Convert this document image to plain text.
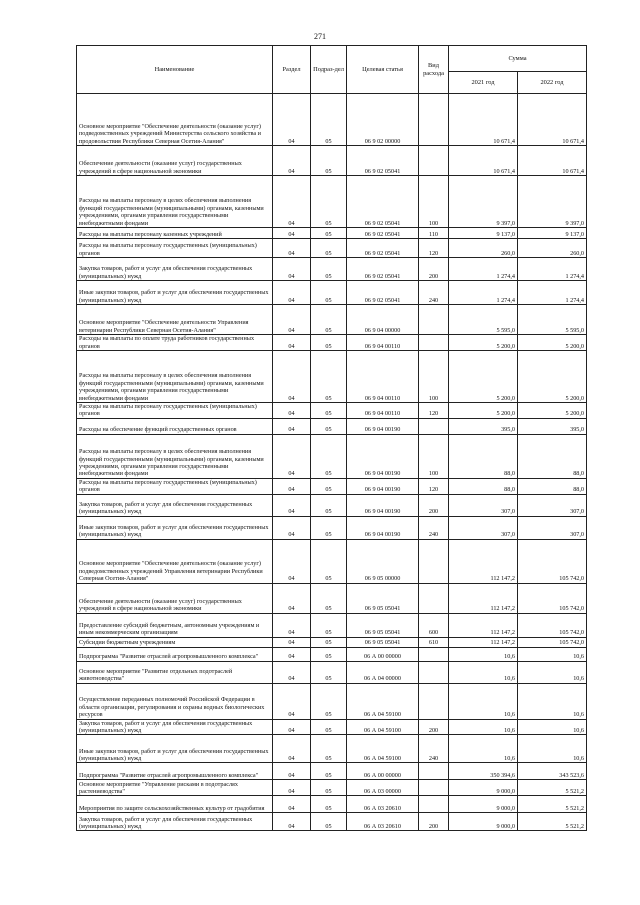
271
Наименование	Раздел	Подраз-дел	Целевая статья	Вид расхода	Сумма	
					2021 год	2022 год
Основное мероприятие "Обеспечение деятельности (оказание услуг) подведомственных учреждений Министерства сельского хозяйства и продовольствия Республики Северная Осетия-Алания"	04	05	06 9 02 00000		10 671,4	10 671,4
Обеспечение деятельности (оказание услуг) государственных учреждений в сфере национальной экономики	04	05	06 9 02 05041		10 671,4	10 671,4
Расходы на выплаты персоналу в целях обеспечения выполнения функций государственными (муниципальными) органами, казенными учреждениями, органами управления государственными внебюджетными фондами	04	05	06 9 02 05041	100	9 397,0	9 397,0
Расходы на выплаты персоналу казенных учреждений	04	05	06 9 02 05041	110	9 137,0	9 137,0
Расходы на выплаты персоналу государственных (муниципальных) органов	04	05	06 9 02 05041	120	260,0	260,0
Закупка товаров, работ и услуг для обеспечения государственных (муниципальных) нужд	04	05	06 9 02 05041	200	1 274,4	1 274,4
Иные закупки товаров, работ и услуг для обеспечения государственных (муниципальных) нужд	04	05	06 9 02 05041	240	1 274,4	1 274,4
Основное мероприятие "Обеспечение деятельности Управления ветеринарии Республики Северная Осетия-Алания"	04	05	06 9 04 00000		5 595,0	5 595,0
Расходы на выплаты по оплате труда работников государственных органов	04	05	06 9 04 00110		5 200,0	5 200,0
Расходы на выплаты персоналу в целях обеспечения выполнения функций государственными (муниципальными) органами, казенными учреждениями, органами управления государственными внебюджетными фондами	04	05	06 9 04 00110	100	5 200,0	5 200,0
Расходы на выплаты персоналу государственных (муниципальных) органов	04	05	06 9 04 00110	120	5 200,0	5 200,0
Расходы на обеспечение функций государственных органов	04	05	06 9 04 00190		395,0	395,0
Расходы на выплаты персоналу в целях обеспечения выполнения функций государственными (муниципальными) органами, казенными учреждениями, органами управления государственными внебюджетными фондами	04	05	06 9 04 00190	100	88,0	88,0
Расходы на выплаты персоналу государственных (муниципальных) органов	04	05	06 9 04 00190	120	88,0	88,0
Закупка товаров, работ и услуг для обеспечения государственных (муниципальных) нужд	04	05	06 9 04 00190	200	307,0	307,0
Иные закупки товаров, работ и услуг для обеспечения государственных (муниципальных) нужд	04	05	06 9 04 00190	240	307,0	307,0
Основное мероприятие "Обеспечение деятельности (оказание услуг) подведомственных учреждений Управления ветеринарии Республики Северная Осетия-Алания"	04	05	06 9 05 00000		112 147,2	105 742,0
Обеспечение деятельности (оказание услуг) государственных учреждений в сфере национальной экономики	04	05	06 9 05 05041		112 147,2	105 742,0
Предоставление субсидий бюджетным, автономным учреждениям и иным некоммерческим организациям	04	05	06 9 05 05041	600	112 147,2	105 742,0
Субсидии бюджетным учреждениям	04	05	06 9 05 05041	610	112 147,2	105 742,0
Подпрограмма "Развитие отраслей агропромышленного комплекса"	04	05	06 А 00 00000		10,6	10,6
Основное мероприятие "Развитие отдельных подотраслей животноводства"	04	05	06 А 04 00000		10,6	10,6
Осуществление переданных полномочий Российской Федерации в области организации, регулирования и охраны водных биологических ресурсов	04	05	06 А 04 59100		10,6	10,6
Закупка товаров, работ и услуг для обеспечения государственных (муниципальных) нужд	04	05	06 А 04 59100	200	10,6	10,6
Иные закупки товаров, работ и услуг для обеспечения государственных (муниципальных) нужд	04	05	06 А 04 59100	240	10,6	10,6
Подпрограмма "Развитие отраслей агропромышленного комплекса"	04	05	06 А 00 00000		350 394,6	343 523,6
Основное мероприятие "Управление рисками в подотраслях растениеводства"	04	05	06 А 03 00000		9 000,0	5 521,2
Мероприятия по защите сельскохозяйственных культур от градобития	04	05	06 А 03 20610		9 000,0	5 521,2
Закупка товаров, работ и услуг для обеспечения государственных (муниципальных) нужд	04	05	06 А 03 20610	200	9 000,0	5 521,2
